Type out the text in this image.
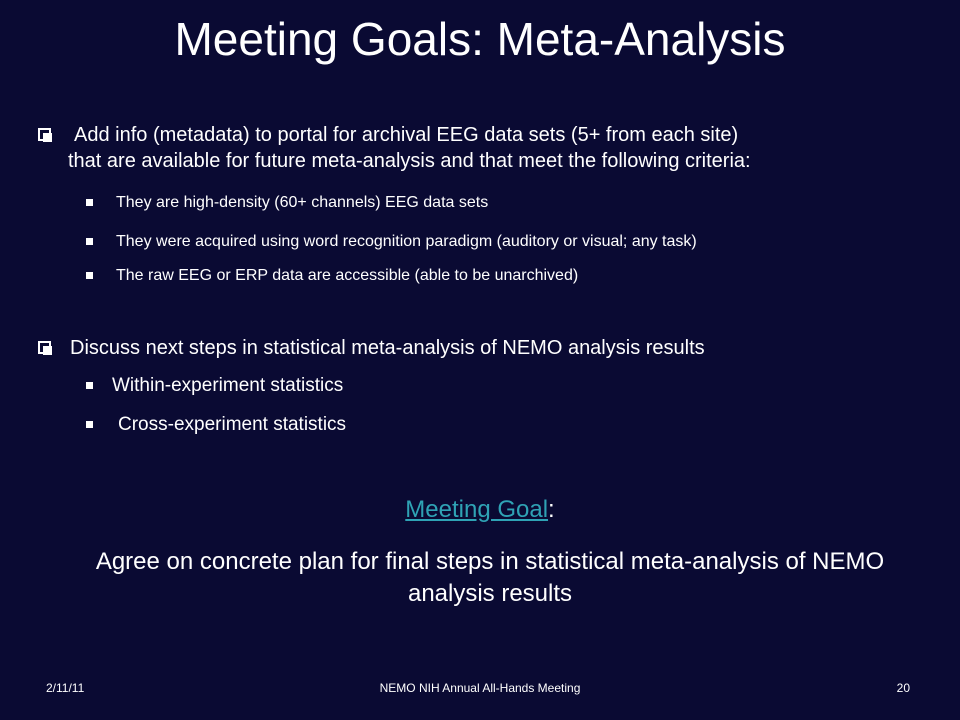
Meeting Goals: Meta-Analysis
Add info (metadata) to portal for archival EEG data sets (5+ from each site)
that are available for future meta-analysis and that meet the following criteria:
They are high-density (60+ channels) EEG data sets
They were acquired using word recognition paradigm (auditory or visual; any task)
The raw EEG or ERP data are accessible (able to be unarchived)
Discuss next steps in statistical meta-analysis of NEMO analysis results
Within-experiment statistics
Cross-experiment statistics
Meeting Goal:
Agree on concrete plan for final steps in statistical meta-analysis of NEMO analysis results
2/11/11	NEMO NIH Annual All-Hands Meeting	20
